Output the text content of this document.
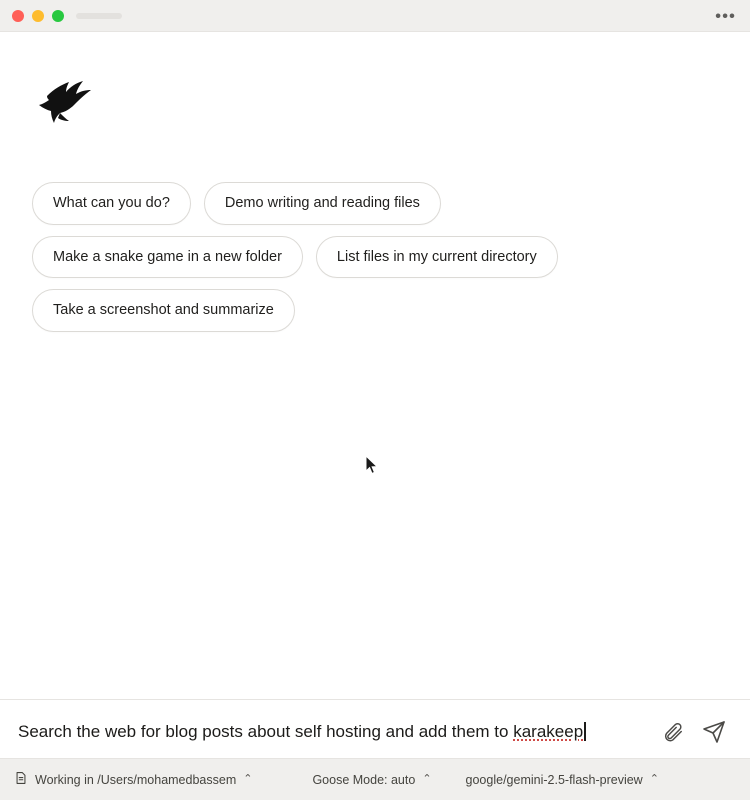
•••
What can you do?	Demo writing and reading files
Make a snake game in a new folder	List files in my current directory
Take a screenshot and summarize
Search the web for blog posts about self hosting and add them to karakeep
Working in /Users/mohamedbassem ⌃	Goose Mode: auto ⌃	google/gemini-2.5-flash-preview ⌃
